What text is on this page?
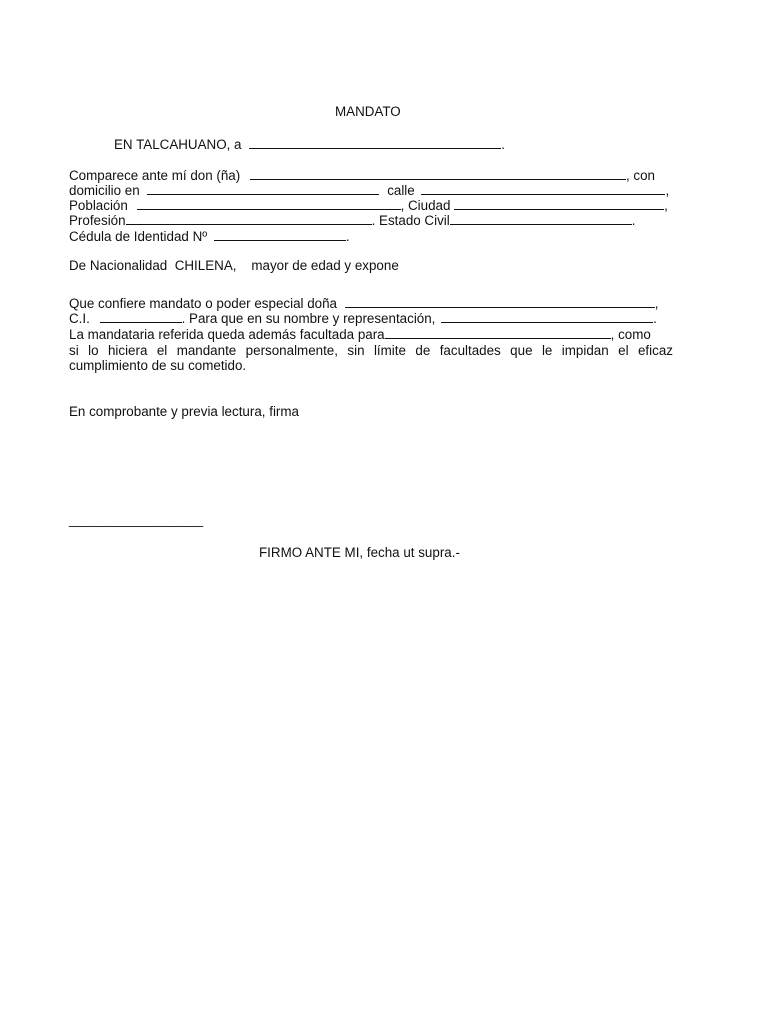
MANDATO
EN TALCAHUANO, a	.
Comparece ante mí don (ña)	, con
domicilio en	calle	,
Población	, Ciudad	,
Profesión	. Estado Civil	.
Cédula de Identidad Nº	.
De Nacionalidad CHILENA, mayor de edad y expone
Que confiere mandato o poder especial doña	,
C.I.	. Para que en su nombre y representación,	.
La mandataria referida queda además facultada para	, como
si lo hiciera el mandante personalmente, sin límite de facultades que le impidan el eficaz
cumplimiento de su cometido.
En comprobante y previa lectura, firma
__________________
FIRMO ANTE MI, fecha ut supra.-
